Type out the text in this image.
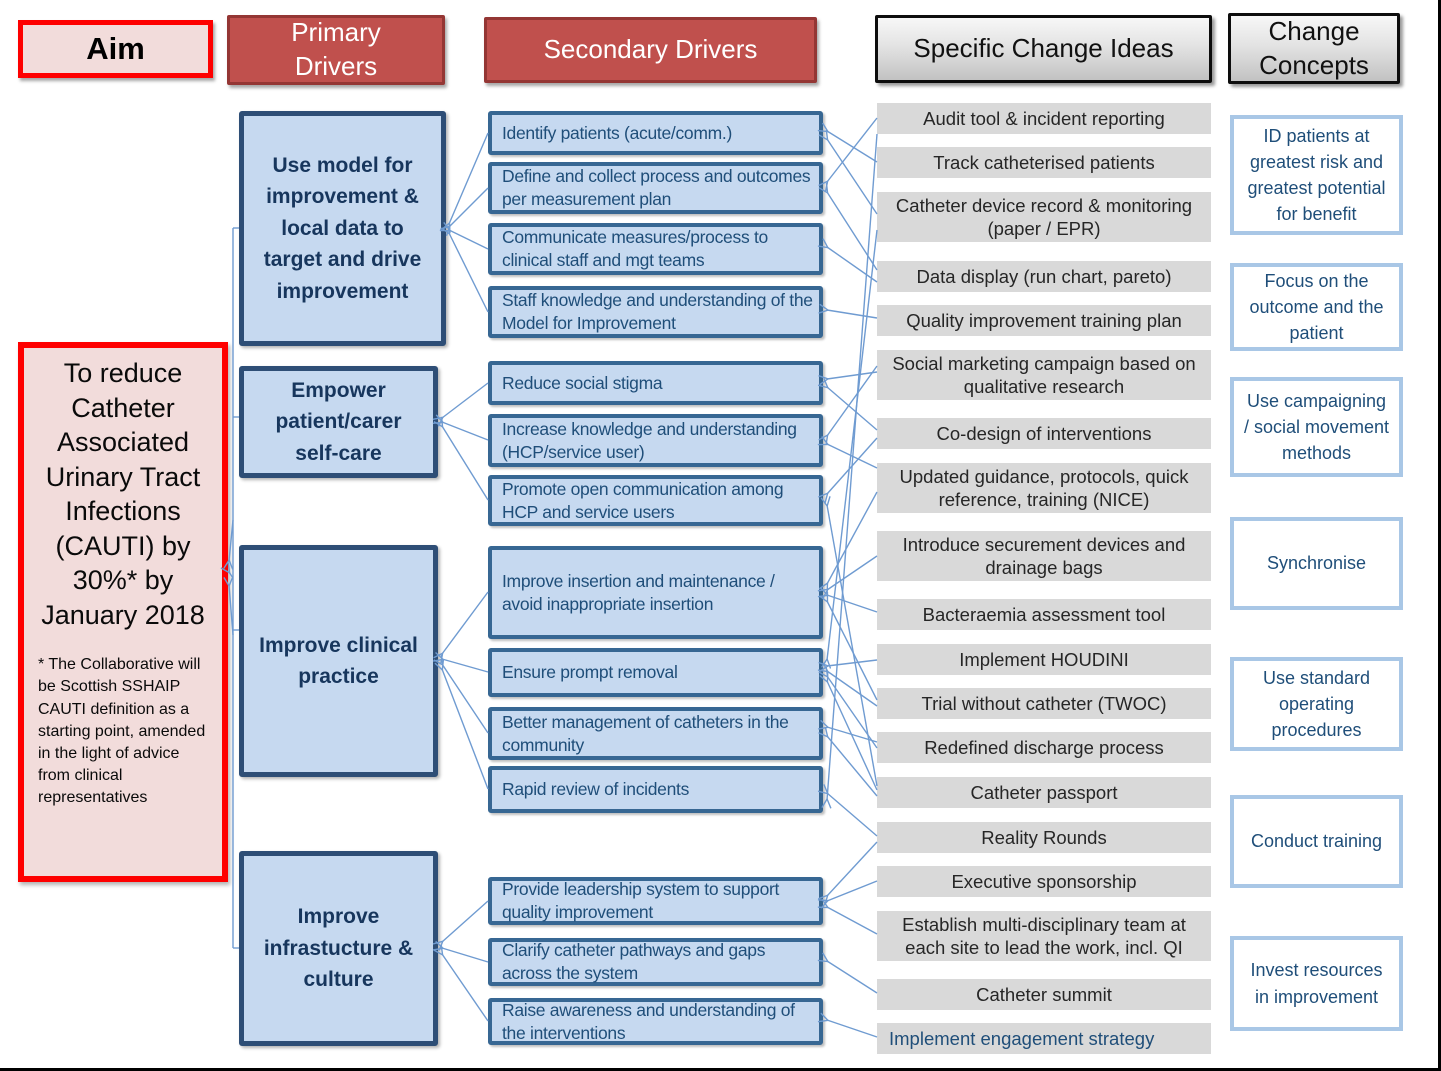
Aim	Primary Drivers
Secondary Drivers	Specific Change Ideas
Change Concepts
To reduce Catheter Associated Urinary Tract Infections (CAUTI) by 30%* by January 2018
* The Collaborative will be Scottish SSHAIP CAUTI definition as a starting point, amended in the light of advice from clinical representatives
Use model for improvement & local data to target and drive improvement
Empower patient/carer self-care
Improve clinical practice
Improve infrastucture & culture
Identify patients (acute/comm.)
Define and collect process and outcomes per measurement plan
Communicate measures/process to clinical staff and mgt teams
Staff knowledge and understanding of the Model for Improvement
Reduce social stigma
Increase knowledge and understanding (HCP/service user)
Promote open communication among HCP and service users
Improve insertion and maintenance / avoid inappropriate insertion
Ensure prompt removal
Better management of catheters in the community
Rapid review of incidents
Provide leadership system to support quality improvement
Clarify catheter pathways and gaps across the system
Raise awareness and understanding of the interventions
Audit tool & incident reporting
Track catheterised patients
Catheter device record & monitoring (paper / EPR)
Data display (run chart, pareto)
Quality improvement training plan
Social marketing campaign based on qualitative research
Co-design of interventions
Updated guidance, protocols, quick reference, training (NICE)
Introduce securement devices and drainage bags
Bacteraemia assessment tool
Implement HOUDINI
Trial without catheter (TWOC)
Redefined discharge process
Catheter passport
Reality Rounds
Executive sponsorship
Establish multi-disciplinary team at each site to lead the work, incl. QI
Catheter summit
Implement engagement strategy
ID patients at greatest risk and greatest potential for benefit
Focus on the outcome and the patient
Use campaigning / social movement methods
Synchronise
Use standard operating procedures
Conduct training
Invest resources in improvement
